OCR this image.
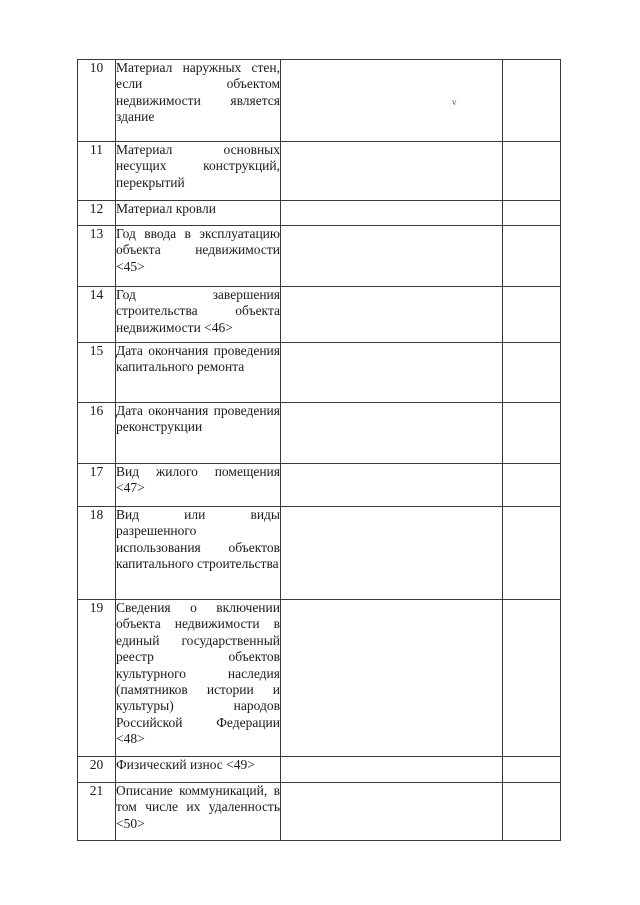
v
10	Материал наружных стен, если объектом недвижимости является здание		
11	Материал основных несущих конструкций, перекрытий		
12	Материал кровли		
13	Год ввода в эксплуатацию объекта недвижимости <45>		
14	Год завершения строительства объекта недвижимости <46>		
15	Дата окончания проведения капитального ремонта		
16	Дата окончания проведения реконструкции		
17	Вид жилого помещения <47>		
18	Вид или виды разрешенного использования объектов капитального строительства		
19	Сведения о включении объекта недвижимости в единый государственный реестр объектов культурного наследия (памятников истории и культуры) народов Российской Федерации <48>		
20	Физический износ <49>		
21	Описание коммуникаций, в том числе их удаленность <50>		
